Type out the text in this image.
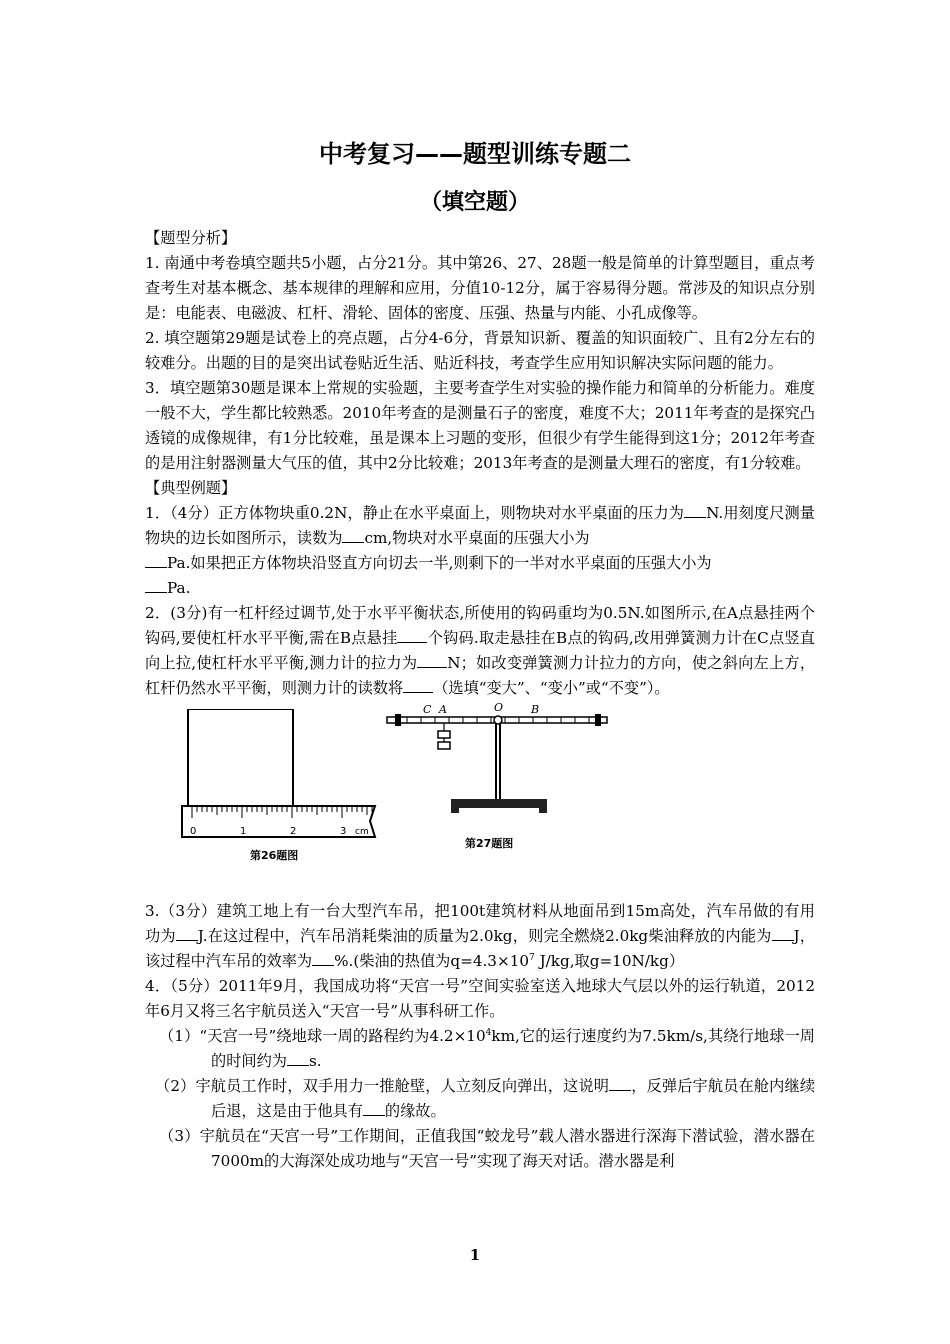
中考复习——题型训练专题二
（填空题）

【题型分析】

1. 南通中考卷填空题共5小题，占分21分。其中第26、27、28题一般是简单的计算型题目，重点考查考生对基本概念、基本规律的理解和应用，分值10-12分，属于容易得分题。常涉及的知识点分别是：电能表、电磁波、杠杆、滑轮、固体的密度、压强、热量与内能、小孔成像等。

2. 填空题第29题是试卷上的亮点题，占分4-6分，背景知识新、覆盖的知识面较广、且有2分左右的较难分。出题的目的是突出试卷贴近生活、贴近科技，考查学生应用知识解决实际问题的能力。

3．填空题第30题是课本上常规的实验题，主要考查学生对实验的操作能力和简单的分析能力。难度一般不大，学生都比较熟悉。2010年考查的是测量石子的密度，难度不大；2011年考查的是探究凸透镜的成像规律，有1分比较难，虽是课本上习题的变形，但很少有学生能得到这1分；2012年考查的是用注射器测量大气压的值，其中2分比较难；2013年考查的是测量大理石的密度，有1分较难。

【典型例题】

1．（4分）正方体物块重0.2N，静止在水平桌面上，则物块对水平桌面的压力为 N.用刻度尺测量物块的边长如图所示，读数为 cm,物块对水平桌面的压强大小为
Pa.如果把正方体物块沿竖直方向切去一半,则剩下的一半对水平桌面的压强大小为
Pa.

2．(3分)有一杠杆经过调节,处于水平平衡状态,所使用的钩码重均为0.5N.如图所示,在A点悬挂两个钩码,要使杠杆水平平衡,需在B点悬挂 个钩码.取走悬挂在B点的钩码,改用弹簧测力计在C点竖直向上拉,使杠杆水平平衡,测力计的拉力为 N；如改变弹簧测力计拉力的方向，使之斜向左上方，杠杆仍然水平平衡，则测力计的读数将 （选填“变大”、“变小”或“不变”）。

0	1	2	3 cm
第26题图
C A	O	B
第27题图

3.（3分）建筑工地上有一台大型汽车吊，把100t建筑材料从地面吊到15m高处，汽车吊做的有用功为 J.在这过程中，汽车吊消耗柴油的质量为2.0kg，则完全燃烧2.0kg柴油释放的内能为 J，该过程中汽车吊的效率为 %.(柴油的热值为$q=4.3\times 10^7$ J/kg,取g=10N/kg）

4．（5分）2011年9月，我国成功将“天宫一号”空间实验室送入地球大气层以外的运行轨道，2012年6月又将三名宇航员送入“天宫一号”从事科研工作。

（1）“天宫一号”绕地球一周的路程约为$4.2\times 10^4km$,它的运行速度约为7.5km/s,其绕行地球一周的时间约为 s.

（2）宇航员工作时，双手用力一推舱壁，人立刻反向弹出，这说明 ，反弹后宇航员在舱内继续后退，这是由于他具有 的缘故。

（3）宇航员在“天宫一号”工作期间，正值我国“蛟龙号”载人潜水器进行深海下潜试验，潜水器在7000m的大海深处成功地与“天宫一号”实现了海天对话。潜水器是利

1
